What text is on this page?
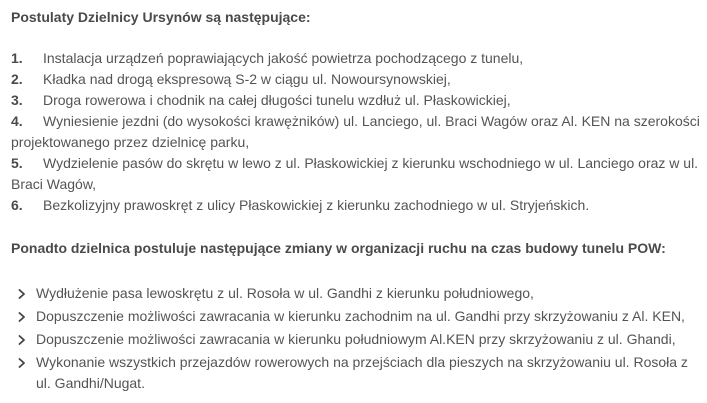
Postulaty Dzielnicy Ursynów są następujące:
1. Instalacja urządzeń poprawiających jakość powietrza pochodzącego z tunelu,
2. Kładka nad drogą ekspresową S-2 w ciągu ul. Nowoursynowskiej,
3. Droga rowerowa i chodnik na całej długości tunelu wzdłuż ul. Płaskowickiej,
4. Wyniesienie jezdni (do wysokości krawężników) ul. Lanciego, ul. Braci Wagów oraz Al. KEN na szerokości projektowanego przez dzielnicę parku,
5. Wydzielenie pasów do skrętu w lewo z ul. Płaskowickiej z kierunku wschodniego w ul. Lanciego oraz w ul. Braci Wagów,
6. Bezkolizyjny prawoskręt z ulicy Płaskowickiej z kierunku zachodniego w ul. Stryjeńskich.
Ponadto dzielnica postuluje następujące zmiany w organizacji ruchu na czas budowy tunelu POW:
Wydłużenie pasa lewoskrętu z ul. Rosoła w ul. Gandhi z kierunku południowego,
Dopuszczenie możliwości zawracania w kierunku zachodnim na ul. Gandhi przy skrzyżowaniu z Al. KEN,
Dopuszczenie możliwości zawracania w kierunku południowym Al.KEN przy skrzyżowaniu z ul. Ghandi,
Wykonanie wszystkich przejazdów rowerowych na przejściach dla pieszych na skrzyżowaniu ul. Rosoła z ul. Gandhi/Nugat.
